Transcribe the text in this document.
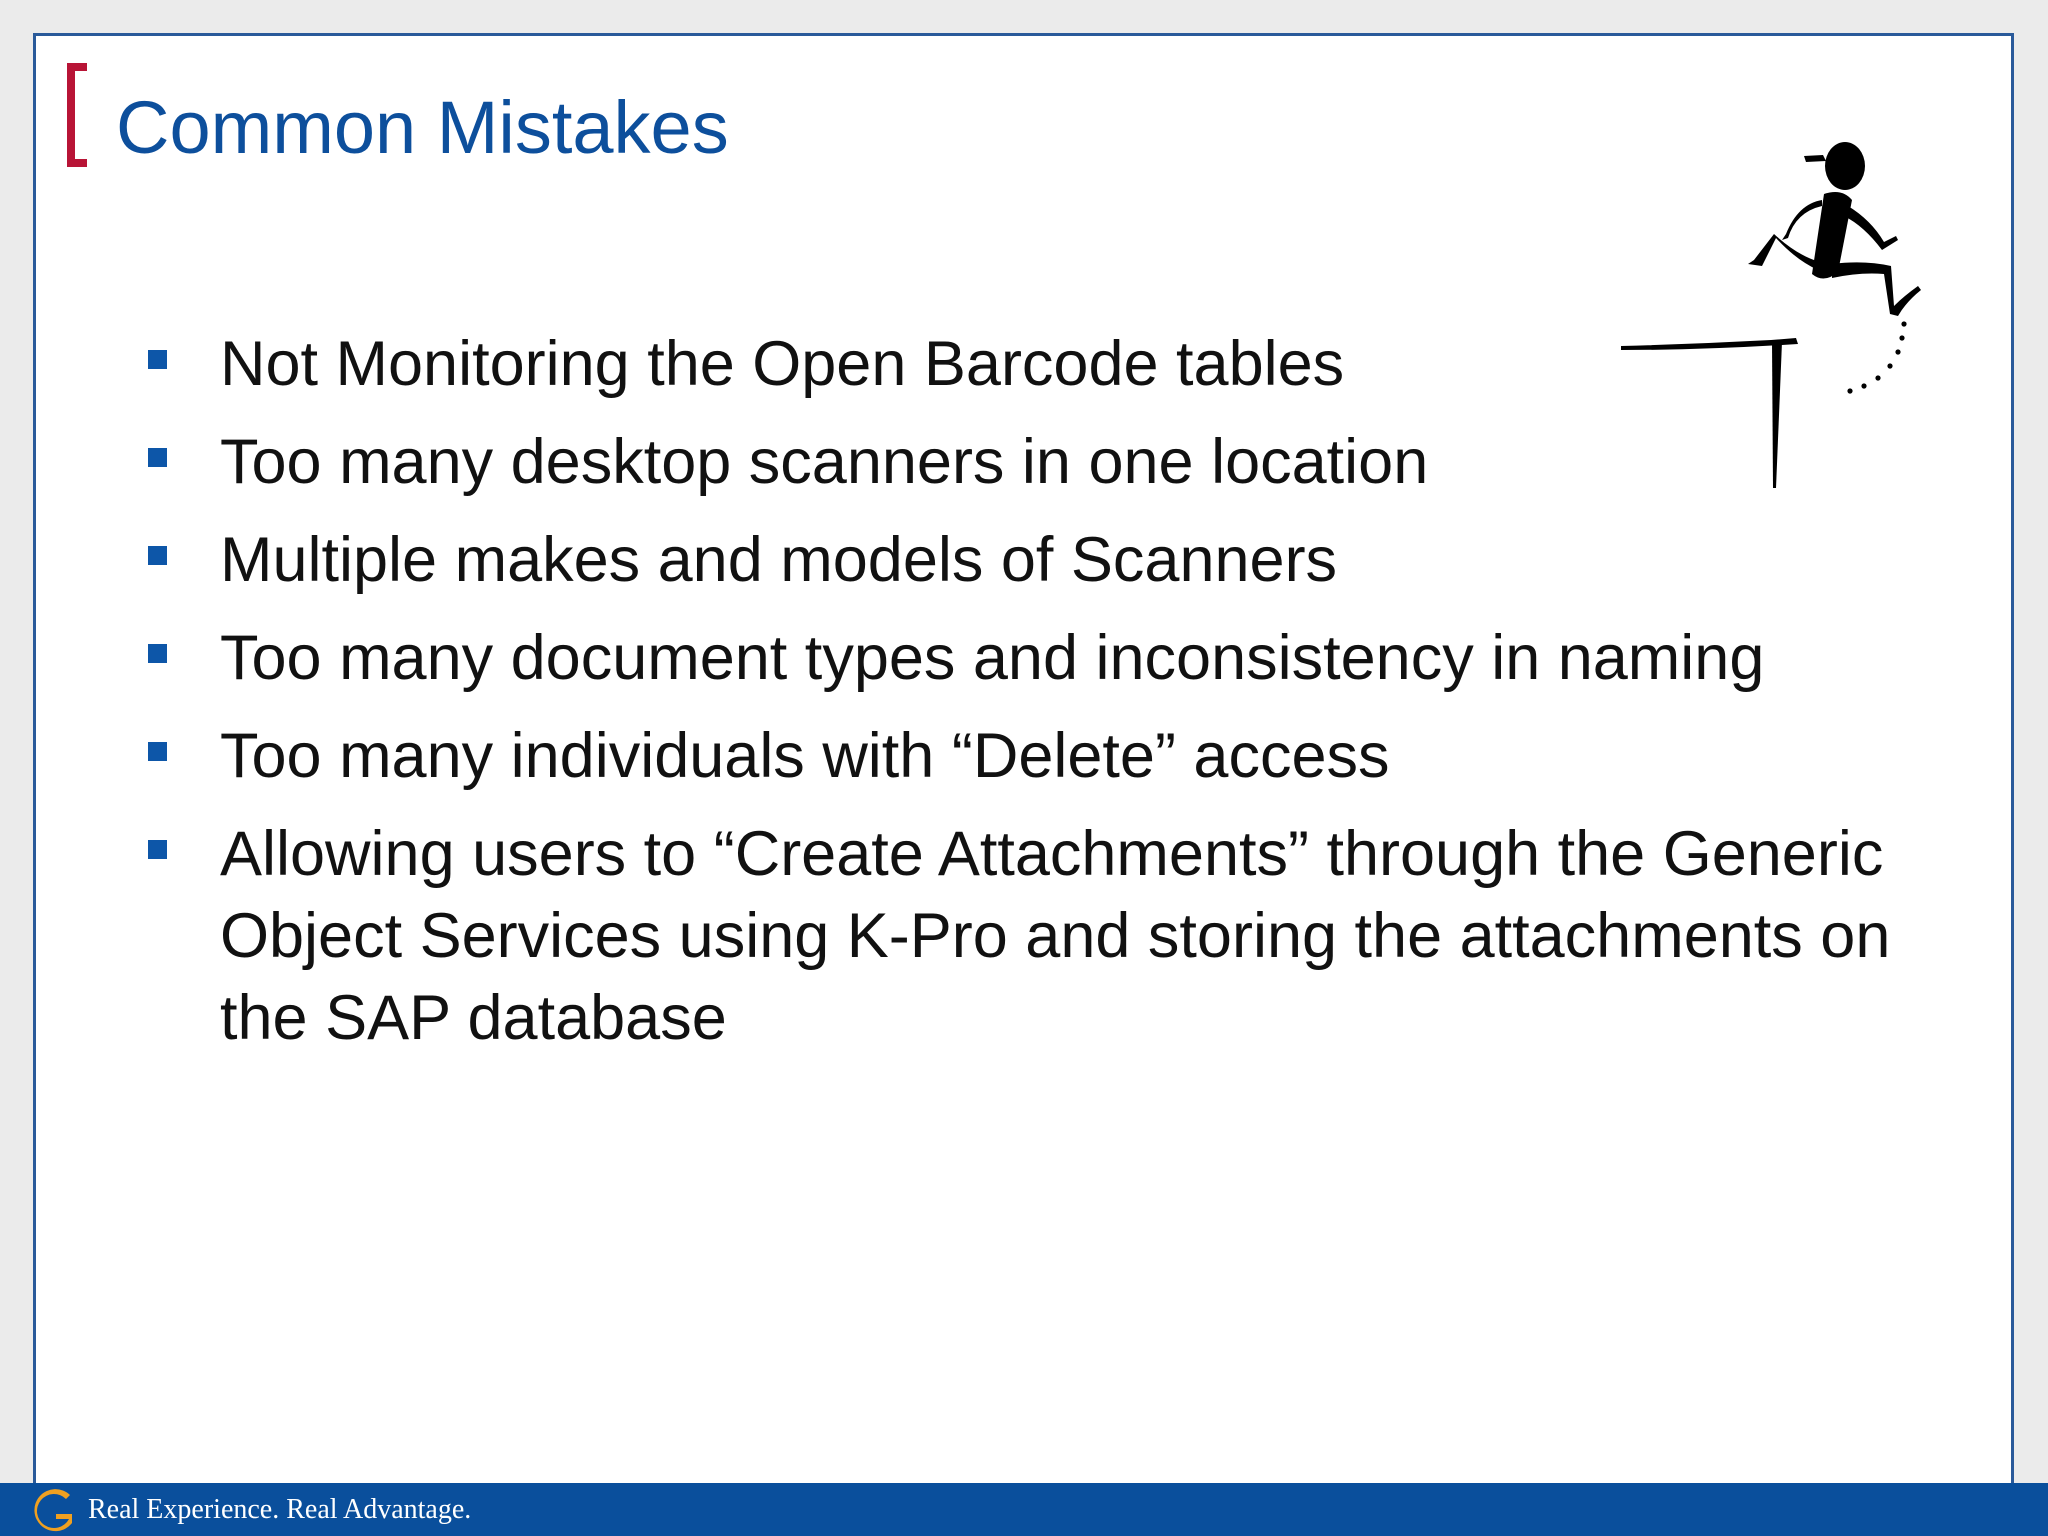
Common Mistakes
Not Monitoring the Open Barcode tables
Too many desktop scanners in one location
Multiple makes and models of Scanners
Too many document types and inconsistency in naming
Too many individuals with “Delete” access
Allowing users to “Create Attachments” through the Generic Object Services using K-Pro and storing the attachments on the SAP database
Real Experience. Real Advantage.
